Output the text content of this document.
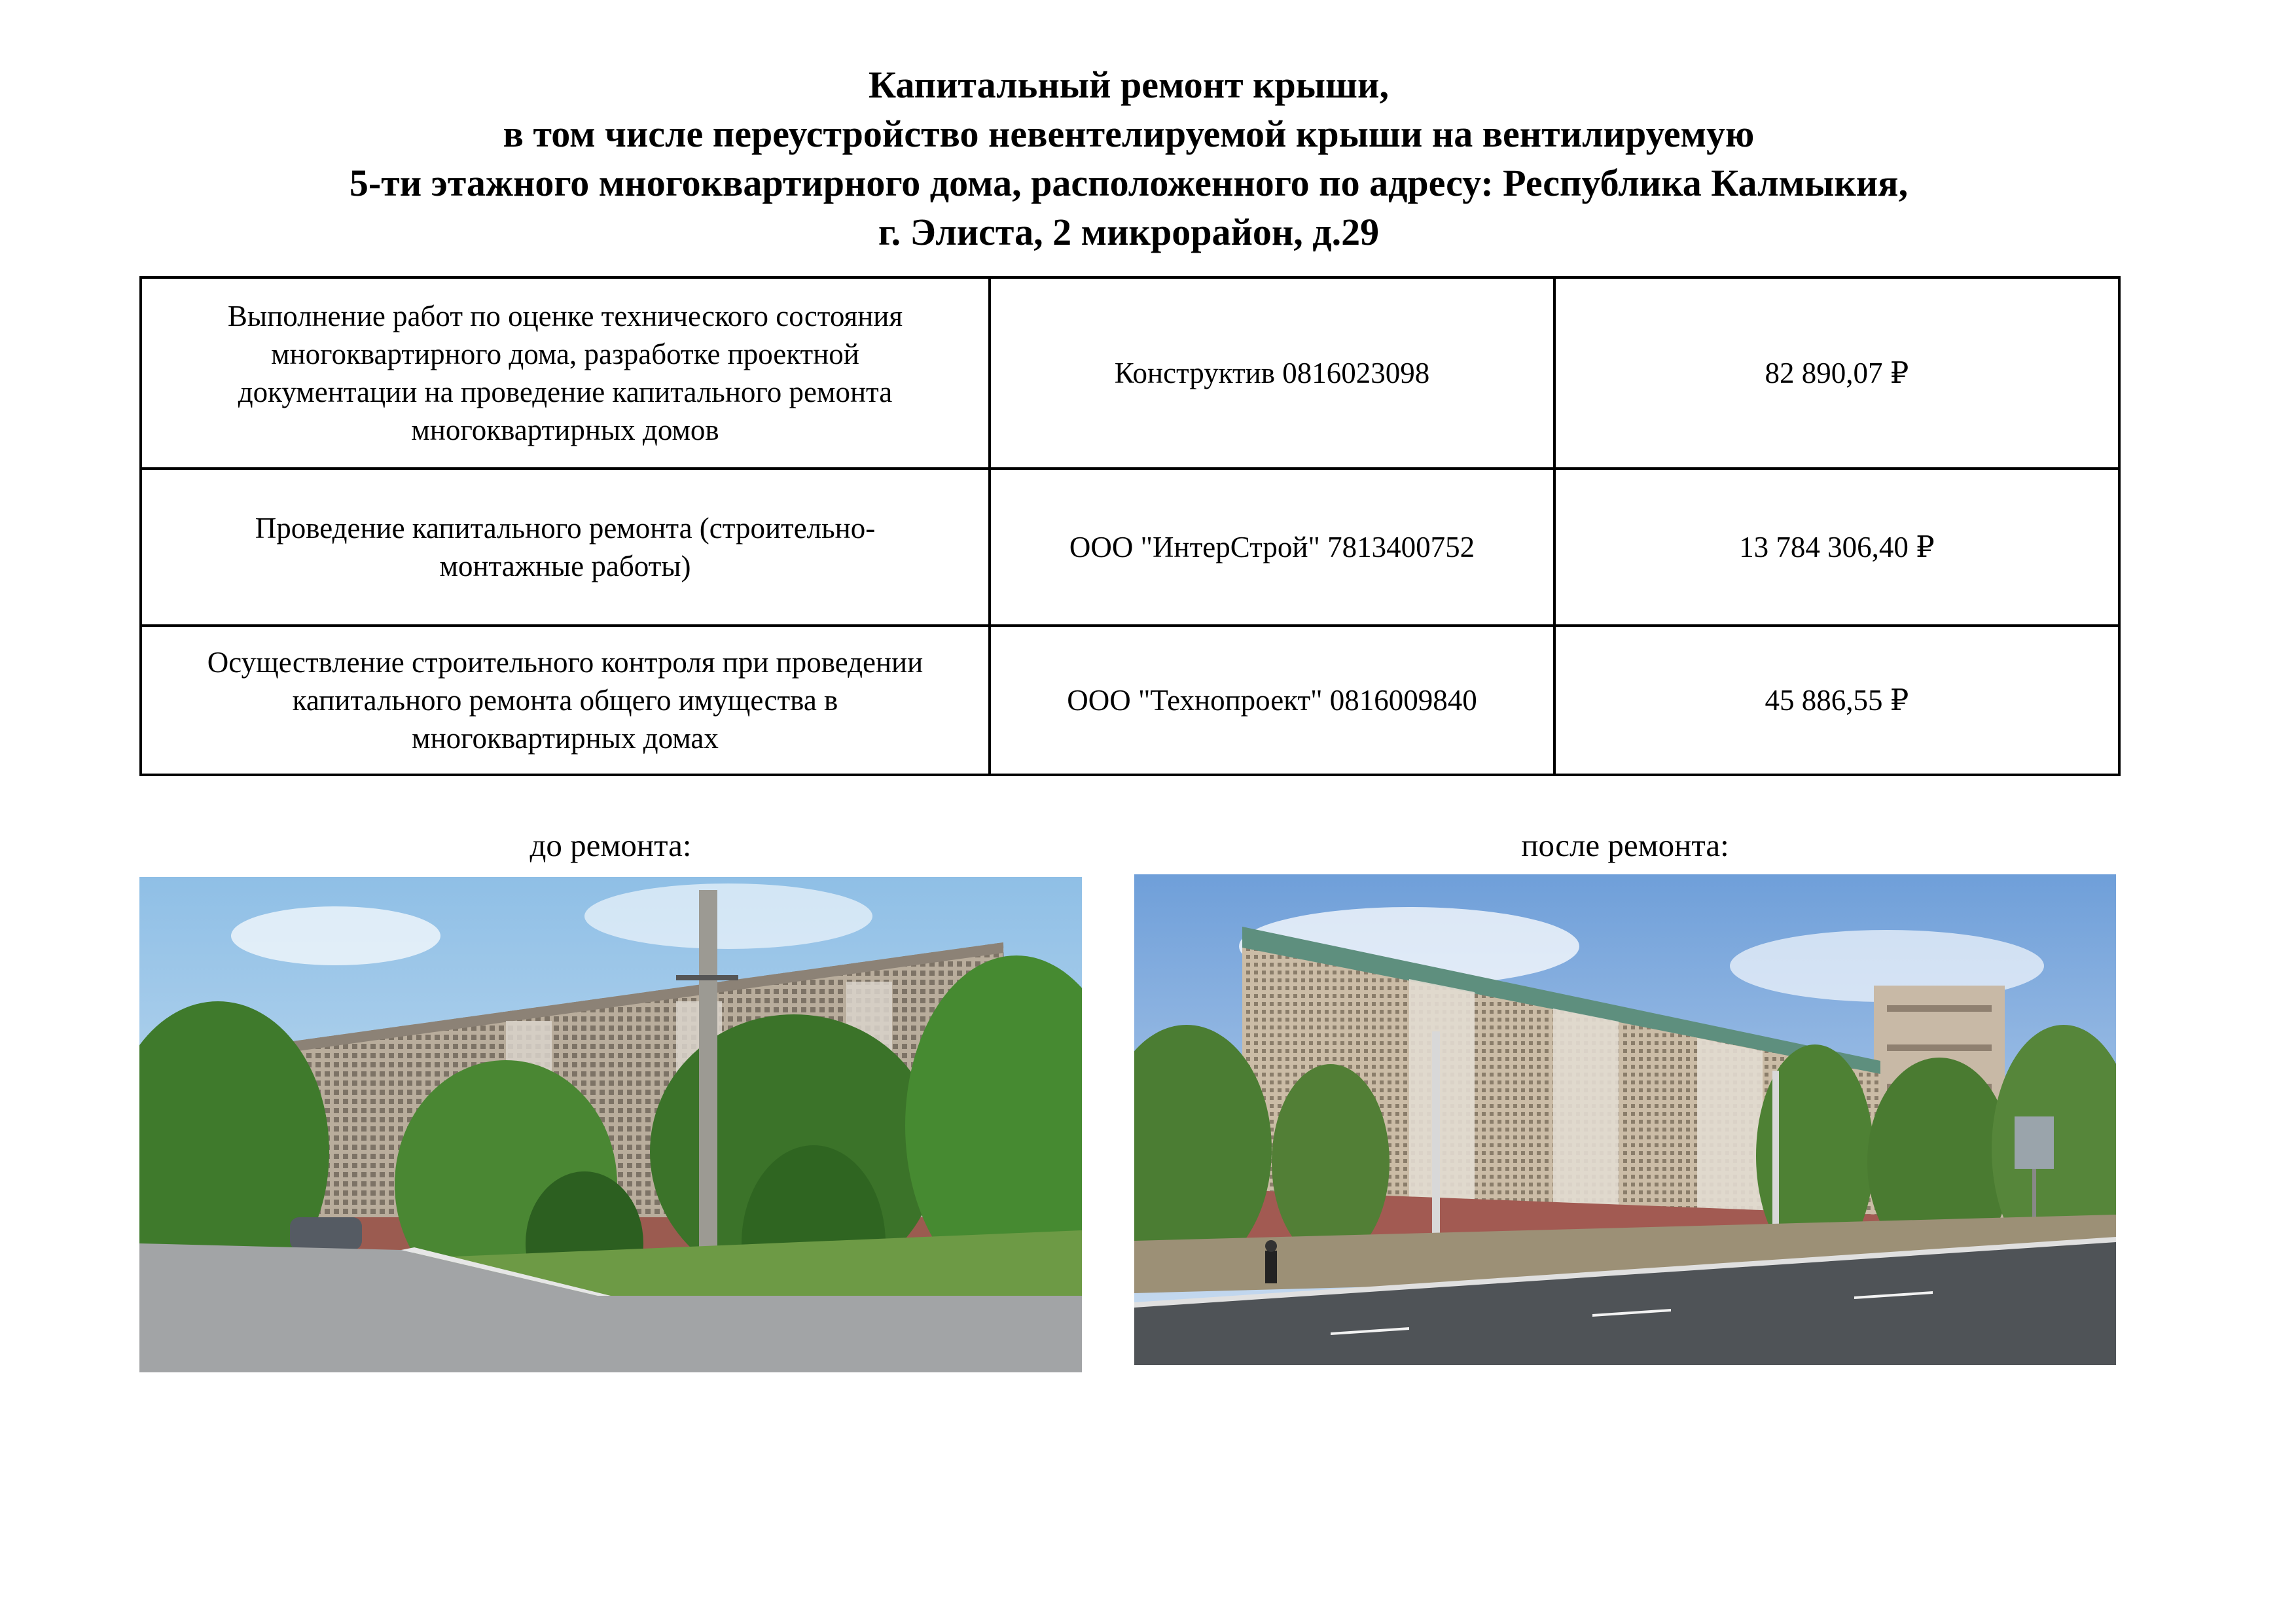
Капитальный ремонт крыши,
в том числе переустройство невентелируемой крыши на вентилируемую
5-ти этажного многоквартирного дома, расположенного по адресу: Республика Калмыкия,
г. Элиста, 2 микрорайон, д.29
Выполнение работ по оценке технического состояния
многоквартирного дома, разработке проектной
документации на проведение капитального ремонта
многоквартирных домов	Конструктив 0816023098	82 890,07 ₽

Проведение капитального ремонта (строительно-
монтажные работы)	ООО "ИнтерСтрой" 7813400752	13 784 306,40 ₽

Осуществление строительного контроля при проведении
капитального ремонта общего имущества в
многоквартирных домах	ООО "Технопроект" 0816009840	45 886,55 ₽
до ремонта:	после ремонта:
